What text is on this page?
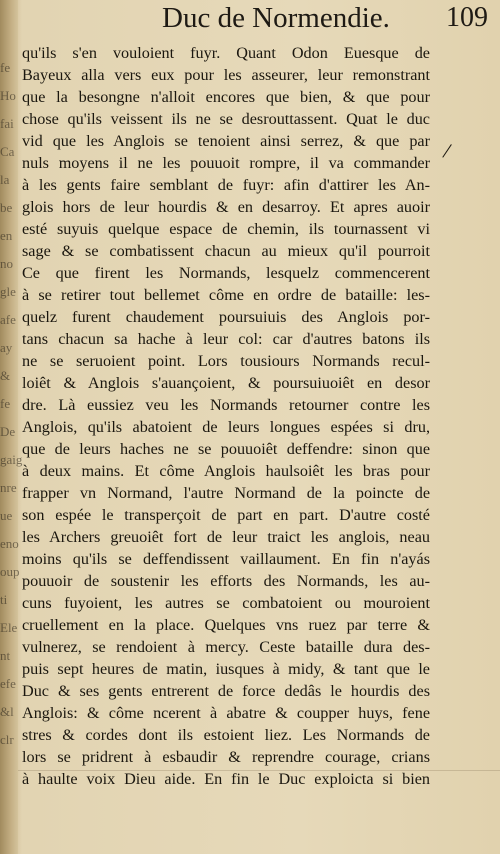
fe
Ho
fai
Ca
la
be
en
no
gle
afe
ay
&
fe
De
gaig
nre
ue
eno
oup
ti
Ele
nt
efe
&l
clr
Duc de Normendie. 109
qu'ils s'en vouloient fuyr. Quant Odon Euesque de
Bayeux alla vers eux pour les asseurer, leur remonstrant
que la besongne n'alloit encores que bien, & que pour
chose qu'ils veissent ils ne se desrouttassent. Quat le duc
vid que les Anglois se tenoient ainsi serrez, & que par
nuls moyens il ne les pouuoit rompre, il va commander
à les gents faire semblant de fuyr: afin d'attirer les An-
glois hors de leur hourdis & en desarroy. Et apres auoir
esté suyuis quelque espace de chemin, ils tournassent vi
sage & se combatissent chacun au mieux qu'il pourroit
Ce que firent les Normands, lesquelz commencerent
à se retirer tout bellemet côme en ordre de bataille: les-
quelz furent chaudement poursuiuis des Anglois por-
tans chacun sa hache à leur col: car d'autres batons ils
ne se seruoient point. Lors tousiours Normands recul-
loiêt & Anglois s'auançoient, & poursuiuoiêt en desor
dre. Là eussiez veu les Normands retourner contre les
Anglois, qu'ils abatoient de leurs longues espées si dru,
que de leurs haches ne se pouuoiêt deffendre: sinon que
à deux mains. Et côme Anglois haulsoiêt les bras pour
frapper vn Normand, l'autre Normand de la poincte de
son espée le transperçoit de part en part. D'autre costé
les Archers greuoiêt fort de leur traict les anglois, neau
moins qu'ils se deffendissent vaillaument. En fin n'ayás
pouuoir de soustenir les efforts des Normands, les au-
cuns fuyoient, les autres se combatoient ou mouroient
cruellement en la place. Quelques vns ruez par terre &
vulnerez, se rendoient à mercy. Ceste bataille dura des-
puis sept heures de matin, iusques à midy, & tant que le
Duc & ses gents entrerent de force dedâs le hourdis des
Anglois: & côme ncerent à abatre & coupper huys, fene
stres & cordes dont ils estoient liez. Les Normands de
lors se pridrent à esbaudir & reprendre courage, crians
à haulte voix Dieu aide. En fin le Duc exploicta si bien
/
